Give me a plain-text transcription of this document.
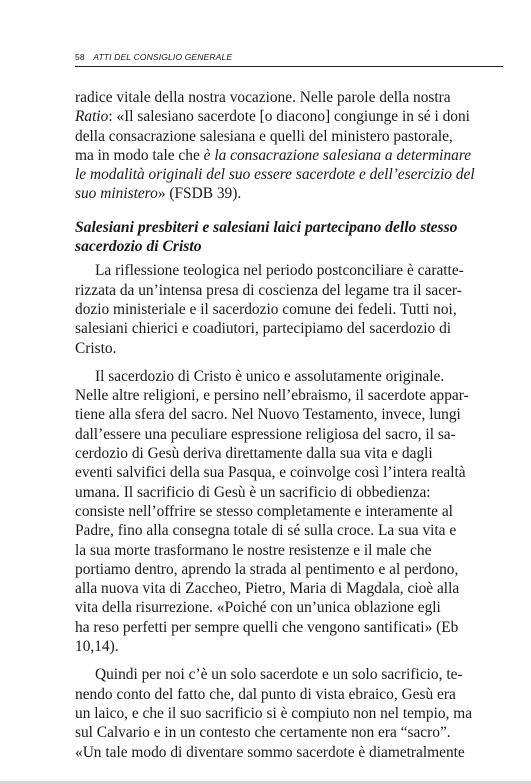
58 ATTI DEL CONSIGLIO GENERALE

radice vitale della nostra vocazione. Nelle parole della nostraRatio: «Il salesiano sacerdote [o diacono] congiunge in sé i donidella consacrazione salesiana e quelli del ministero pastorale,ma in modo tale che è la consacrazione salesiana a determinarele modalità originali del suo essere sacerdote e dell’esercizio delsuo ministero» (FSDB 39).

Salesiani presbiteri e salesiani laici partecipano dello stessosacerdozio di Cristo

La riflessione teologica nel periodo postconciliare è caratte-rizzata da un’intensa presa di coscienza del legame tra il sacer-dozio ministeriale e il sacerdozio comune dei fedeli. Tutti noi,salesiani chierici e coadiutori, partecipiamo del sacerdozio diCristo.

Il sacerdozio di Cristo è unico e assolutamente originale.Nelle altre religioni, e persino nell’ebraismo, il sacerdote appar-tiene alla sfera del sacro. Nel Nuovo Testamento, invece, lungidall’essere una peculiare espressione religiosa del sacro, il sa-cerdozio di Gesù deriva direttamente dalla sua vita e daglieventi salvifici della sua Pasqua, e coinvolge così l’intera realtàumana. Il sacrificio di Gesù è un sacrificio di obbedienza:consiste nell’offrire se stesso completamente e interamente alPadre, fino alla consegna totale di sé sulla croce. La sua vita ela sua morte trasformano le nostre resistenze e il male cheportiamo dentro, aprendo la strada al pentimento e al perdono,alla nuova vita di Zaccheo, Pietro, Maria di Magdala, cioè allavita della risurrezione. «Poiché con un’unica oblazione egliha reso perfetti per sempre quelli che vengono santificati» (Eb10,14).

Quindi per noi c’è un solo sacerdote e un solo sacrificio, te-nendo conto del fatto che, dal punto di vista ebraico, Gesù eraun laico, e che il suo sacrificio si è compiuto non nel tempio, masul Calvario e in un contesto che certamente non era “sacro”.«Un tale modo di diventare sommo sacerdote è diametralmente
